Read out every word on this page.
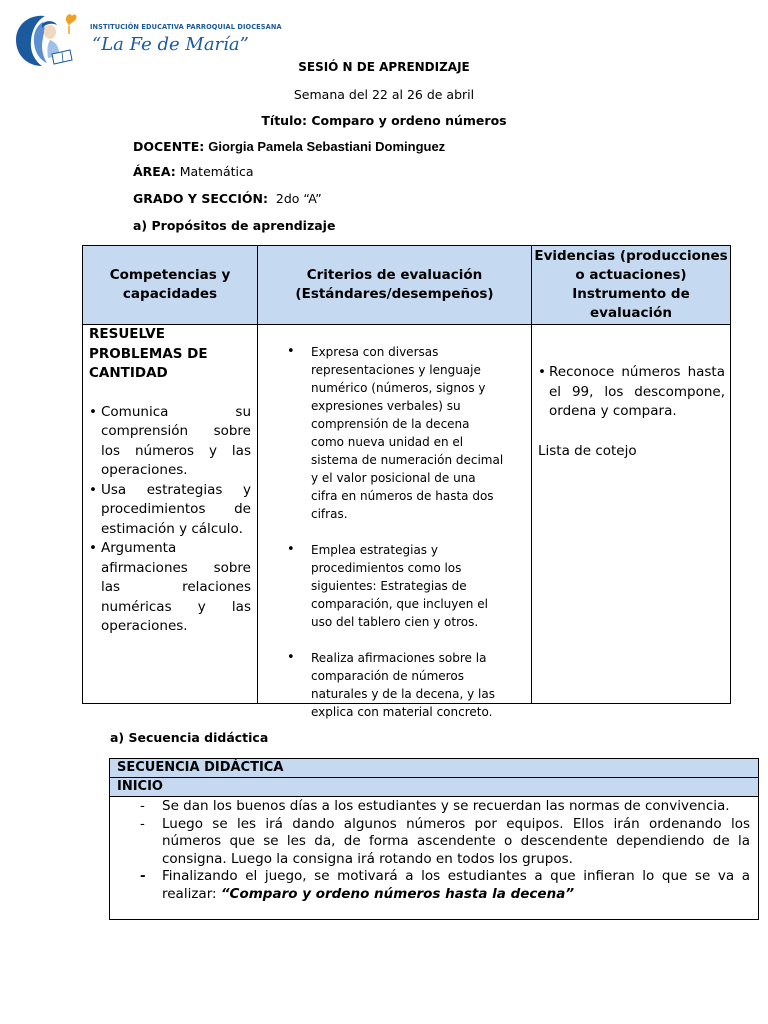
INSTITUCIÓN EDUCATIVA PARROQUIAL DIOCESANA
“La Fe de María”
SESIÓ N DE APRENDIZAJE
Semana del 22 al 26 de abril
Título: Comparo y ordeno números
DOCENTE: Giorgia Pamela Sebastiani Dominguez
ÁREA: Matemática
GRADO Y SECCIÓN: 2do “A”
a) Propósitos de aprendizaje
Competencias y capacidades
Criterios de evaluación (Estándares/desempeños)
Evidencias (producciones o actuaciones) Instrumento de evaluación
RESUELVE PROBLEMAS DE CANTIDAD
• Comunica su comprensión sobre los números y las operaciones.
• Usa estrategias y procedimientos de estimación y cálculo.
• Argumenta afirmaciones sobre las relaciones numéricas y las operaciones.
• Expresa con diversas representaciones y lenguaje numérico (números, signos y expresiones verbales) su comprensión de la decena como nueva unidad en el sistema de numeración decimal y el valor posicional de una cifra en números de hasta dos cifras.
• Emplea estrategias y procedimientos como los siguientes: Estrategias de comparación, que incluyen el uso del tablero cien y otros.
• Realiza afirmaciones sobre la comparación de números naturales y de la decena, y las explica con material concreto.
• Reconoce números hasta el 99, los descompone, ordena y compara.
Lista de cotejo
a) Secuencia didáctica
SECUENCIA DIDÁCTICA
INICIO
- Se dan los buenos días a los estudiantes y se recuerdan las normas de convivencia.
- Luego se les irá dando algunos números por equipos. Ellos irán ordenando los números que se les da, de forma ascendente o descendente dependiendo de la consigna. Luego la consigna irá rotando en todos los grupos.
- Finalizando el juego, se motivará a los estudiantes a que infieran lo que se va a realizar: “Comparo y ordeno números hasta la decena”
